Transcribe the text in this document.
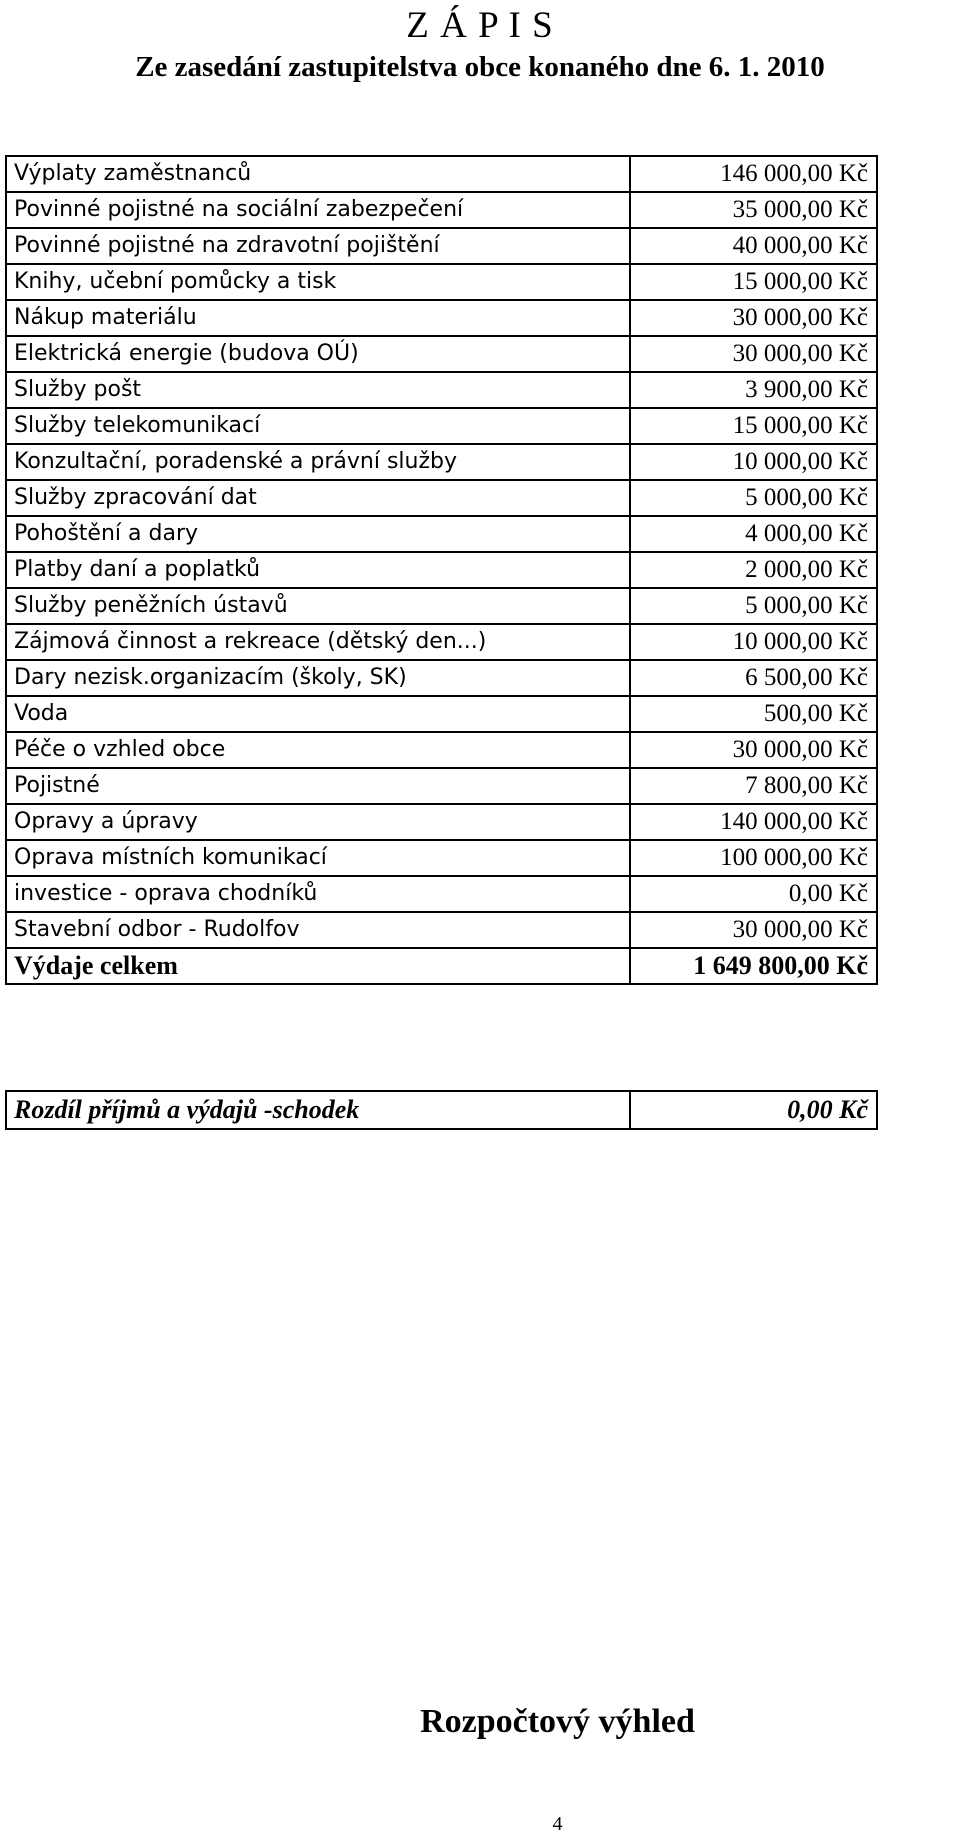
Z Á P I S
Ze zasedání zastupitelstva obce konaného dne 6. 1. 2010
Výplaty zaměstnanců	146 000,00 Kč
Povinné pojistné na sociální zabezpečení	35 000,00 Kč
Povinné pojistné na zdravotní pojištění	40 000,00 Kč
Knihy, učební pomůcky a tisk	15 000,00 Kč
Nákup materiálu	30 000,00 Kč
Elektrická energie (budova OÚ)	30 000,00 Kč
Služby pošt	3 900,00 Kč
Služby telekomunikací	15 000,00 Kč
Konzultační, poradenské a právní služby	10 000,00 Kč
Služby zpracování dat	5 000,00 Kč
Pohoštění a dary	4 000,00 Kč
Platby daní a poplatků	2 000,00 Kč
Služby peněžních ústavů	5 000,00 Kč
Zájmová činnost a rekreace (dětský den...)	10 000,00 Kč
Dary nezisk.organizacím (školy, SK)	6 500,00 Kč
Voda	500,00 Kč
Péče o vzhled obce	30 000,00 Kč
Pojistné	7 800,00 Kč
Opravy a úpravy	140 000,00 Kč
Oprava místních komunikací	100 000,00 Kč
investice - oprava chodníků	0,00 Kč
Stavební odbor - Rudolfov	30 000,00 Kč
Výdaje celkem	1 649 800,00 Kč
Rozdíl příjmů a výdajů -schodek	0,00 Kč
Rozpočtový výhled
4
